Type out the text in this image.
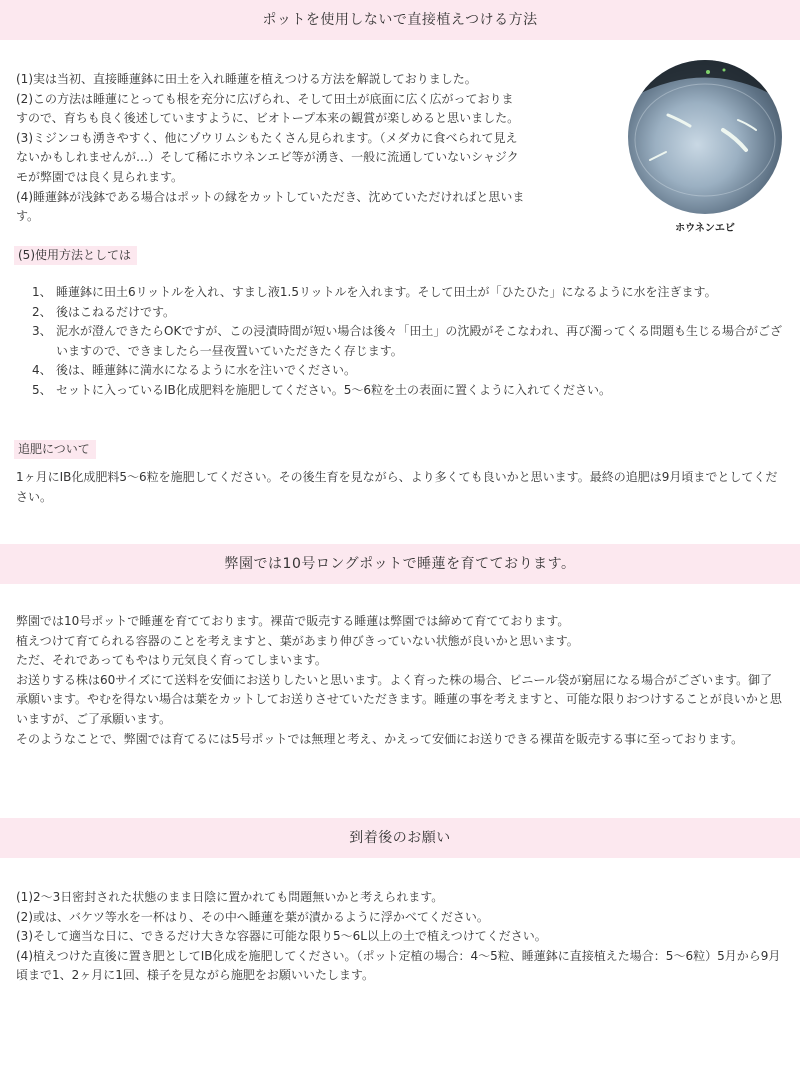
ポットを使用しないで直接植えつける方法

(1)実は当初、直接睡蓮鉢に田土を入れ睡蓮を植えつける方法を解説しておりました。

(2)この方法は睡蓮にとっても根を充分に広げられ、そして田土が底面に広く広がっておりま

すので、育ちも良く後述していますように、ビオトープ本来の観賞が楽しめると思いました。

(3)ミジンコも湧きやすく、他にゾウリムシもたくさん見られます。（メダカに食べられて見え

ないかもしれませんが…）そして稀にホウネンエビ等が湧き、一般に流通していないシャジク

モが弊園では良く見られます。

(4)睡蓮鉢が浅鉢である場合はポットの縁をカットしていただき、沈めていただければと思いま

す。

ホウネンエビ
(5)使用方法としては
1、 睡蓮鉢に田土6リットルを入れ、すまし液1.5リットルを入れます。そして田土が「ひたひた」になるように水を注ぎます。
2、 後はこねるだけです。
3、 泥水が澄んできたらOKですが、この浸漬時間が短い場合は後々「田土」の沈殿がそこなわれ、再び濁ってくる問題も生じる場合がございますので、できましたら一昼夜置いていただきたく存じます。
4、 後は、睡蓮鉢に満水になるように水を注いでください。
5、 セットに入っているIB化成肥料を施肥してください。5～6粒を土の表面に置くように入れてください。
追肥について
1ヶ月にIB化成肥料5～6粒を施肥してください。その後生育を見ながら、より多くても良いかと思います。最終の追肥は9月頃までとしてください。
弊園では10号ロングポットで睡蓮を育てております。

弊園では10号ポットで睡蓮を育てております。裸苗で販売する睡蓮は弊園では締めて育てております。

植えつけて育てられる容器のことを考えますと、葉があまり伸びきっていない状態が良いかと思います。

ただ、それであってもやはり元気良く育ってしまいます。

お送りする株は60サイズにて送料を安価にお送りしたいと思います。よく育った株の場合、ビニール袋が窮屈になる場合がございます。御了承願います。やむを得ない場合は葉をカットしてお送りさせていただきます。睡蓮の事を考えますと、可能な限りおつけすることが良いかと思いますが、ご了承願います。

そのようなことで、弊園では育てるには5号ポットでは無理と考え、かえって安価にお送りできる裸苗を販売する事に至っております。

到着後のお願い

(1)2～3日密封された状態のまま日陰に置かれても問題無いかと考えられます。

(2)或は、バケツ等水を一杯はり、その中へ睡蓮を葉が漬かるように浮かべてください。

(3)そして適当な日に、できるだけ大きな容器に可能な限り5～6L以上の土で植えつけてください。

(4)植えつけた直後に置き肥としてIB化成を施肥してください。（ポット定植の場合：4～5粒、睡蓮鉢に直接植えた場合：5～6粒）5月から9月頃まで1、2ヶ月に1回、様子を見ながら施肥をお願いいたします。
